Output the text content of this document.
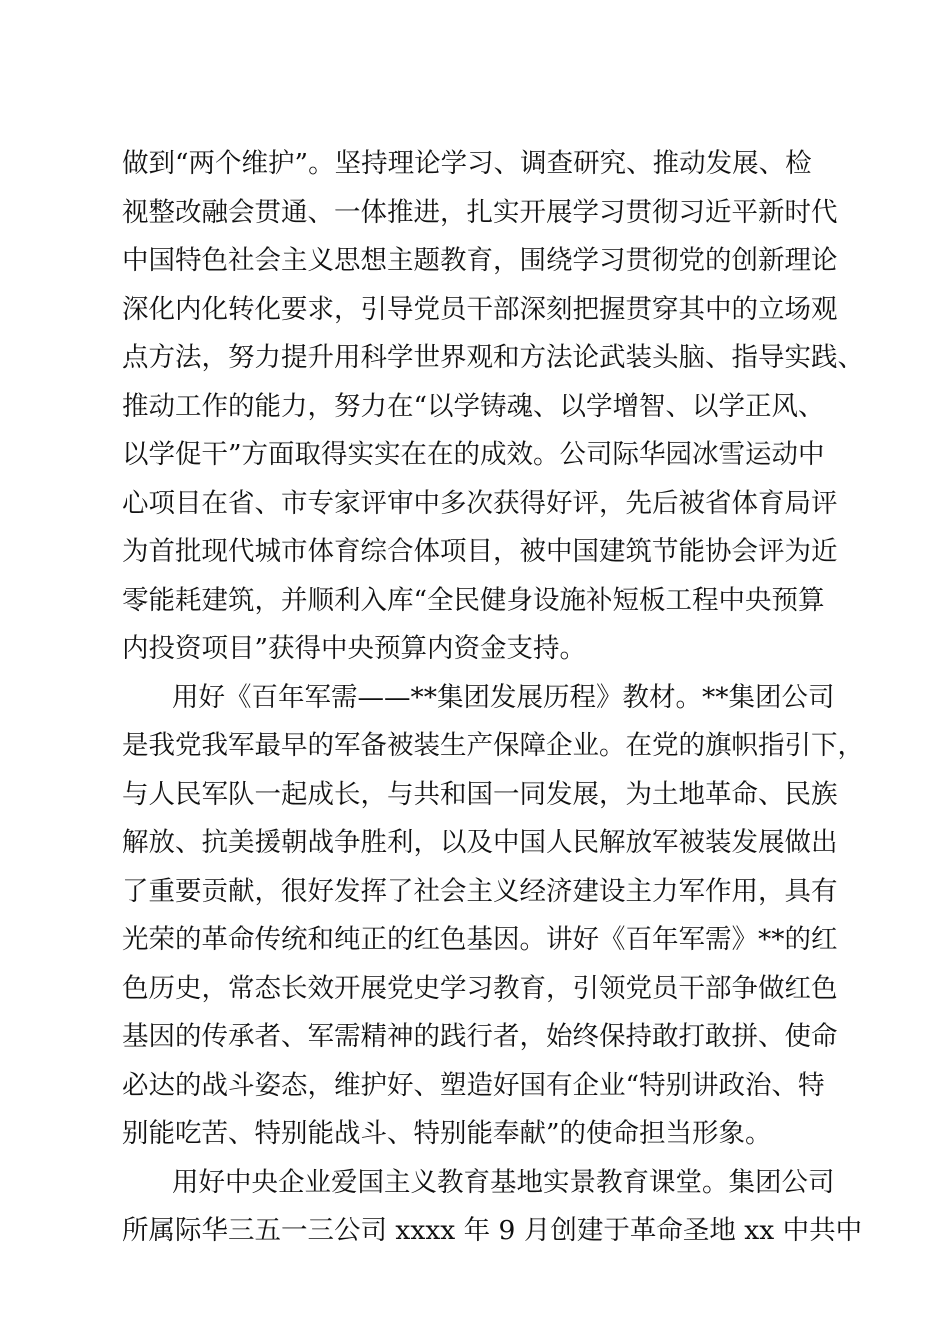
做到“两个维护”。坚持理论学习、调查研究、推动发展、检
视整改融会贯通、一体推进，扎实开展学习贯彻习近平新时代
中国特色社会主义思想主题教育，围绕学习贯彻党的创新理论
深化内化转化要求，引导党员干部深刻把握贯穿其中的立场观
点方法，努力提升用科学世界观和方法论武装头脑、指导实践、
推动工作的能力，努力在“以学铸魂、以学增智、以学正风、
以学促干”方面取得实实在在的成效。公司际华园冰雪运动中
心项目在省、市专家评审中多次获得好评，先后被省体育局评
为首批现代城市体育综合体项目，被中国建筑节能协会评为近
零能耗建筑，并顺利入库“全民健身设施补短板工程中央预算
内投资项目”获得中央预算内资金支持。
用好《百年军需——**集团发展历程》教材。**集团公司
是我党我军最早的军备被装生产保障企业。在党的旗帜指引下，
与人民军队一起成长，与共和国一同发展，为土地革命、民族
解放、抗美援朝战争胜利，以及中国人民解放军被装发展做出
了重要贡献，很好发挥了社会主义经济建设主力军作用，具有
光荣的革命传统和纯正的红色基因。讲好《百年军需》**的红
色历史，常态长效开展党史学习教育，引领党员干部争做红色
基因的传承者、军需精神的践行者，始终保持敢打敢拼、使命
必达的战斗姿态，维护好、塑造好国有企业“特别讲政治、特
别能吃苦、特别能战斗、特别能奉献”的使命担当形象。
用好中央企业爱国主义教育基地实景教育课堂。集团公司
所属际华三五一三公司 xxxx 年 9 月创建于革命圣地 xx 中共中
